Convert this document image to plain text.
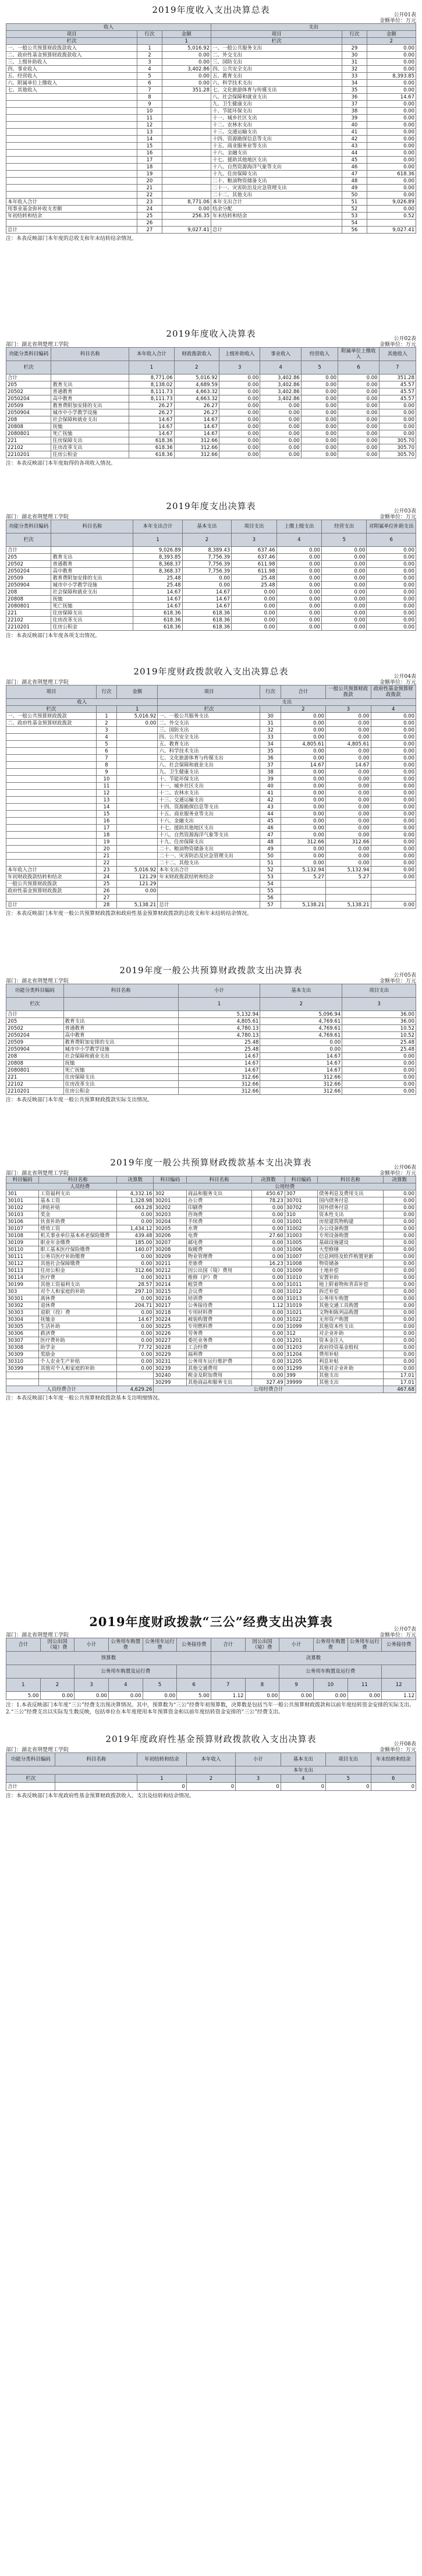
2019年度收入支出决算总表	公开01表
金额单位：万元
收入			支出		
项目	行次	金额	项目	行次	金额
栏次		1	栏次		2
一、一般公共预算财政拨款收入	1	5,016.92	一、一般公共服务支出	29	0.00
二、政府性基金预算财政拨款收入	2	0.00	二、外交支出	30	0.00
三、上级补助收入	3	0.00	三、国防支出	31	0.00
四、事业收入	4	3,402.86	四、公共安全支出	32	0.00
五、经营收入	5	0.00	五、教育支出	33	8,393.85
六、附属单位上缴收入	6	0.00	六、科学技术支出	34	0.00
七、其他收入	7	351.28	七、文化旅游体育与传媒支出	35	0.00
	8		八、社会保障和就业支出	36	14.67
	9		九、卫生健康支出	37	0.00
	10		十、节能环保支出	38	0.00
	11		十一、城乡社区支出	39	0.00
	12		十二、农林水支出	40	0.00
	13		十三、交通运输支出	41	0.00
	14		十四、资源勘探信息等支出	42	0.00
	15		十五、商业服务业等支出	43	0.00
	16		十六、金融支出	44	0.00
	17		十七、援助其他地区支出	45	0.00
	18		十八、自然资源海洋气象等支出	46	0.00
	19		十九、住房保障支出	47	618.36
	20		二十、粮油物资储备支出	48	0.00
	21		二十一、灾害防治及应急管理支出	49	0.00
	22		二十二、其他支出	50	0.00
本年收入合计	23	8,771.06	本年支出合计	51	9,026.89
用事业基金弥补收支差额	24	0.00	结余分配	52	0.00
年初结转和结余	25	256.35	年末结转和结余	53	0.52
	26			54	
总计	27	9,027.41	总计	56	9,027.41
注：本表反映部门本年度的总收支和年末结转结余情况。
2019年度收入决算表
部门：湖北省荆楚理工学院	金额单位：万元
公开02表
功能分类科目编码	科目名称	本年收入合计	财政拨款收入	上级补助收入	事业收入	经营收入	附属单位上缴收入	其他收入
栏次		1	2	3	4	5	6	7
合计		8,771.06	5,016.92	0.00	3,402.86	0.00	0.00	351.28
205	教育支出	8,138.02	4,689.59	0.00	3,402.86	0.00	0.00	45.57
20502	普通教育	8,111.73	4,663.32	0.00	3,402.86	0.00	0.00	45.57
2050204	高中教育	8,111.73	4,663.32	0.00	3,402.86	0.00	0.00	45.57
20509	教育费附加安排的支出	26.27	26.27	0.00	0.00	0.00	0.00	0.00
2050904	城市中小学教学设施	26.27	26.27	0.00	0.00	0.00	0.00	0.00
208	社会保障和就业支出	14.67	14.67	0.00	0.00	0.00	0.00	0.00
20808	抚恤	14.67	14.67	0.00	0.00	0.00	0.00	0.00
2080801	死亡抚恤	14.67	14.67	0.00	0.00	0.00	0.00	0.00
221	住房保障支出	618.36	312.66	0.00	0.00	0.00	0.00	305.70
22102	住房改革支出	618.36	312.66	0.00	0.00	0.00	0.00	305.70
2210201	住房公积金	618.36	312.66	0.00	0.00	0.00	0.00	305.70
注：本表反映部门本年度取得的各项收入情况。
2019年度支出决算表
部门：湖北省荆楚理工学院	金额单位：万元
公开03表
功能分类科目编码	科目名称	本年支出合计	基本支出	项目支出	上缴上级支出	经营支出	对附属单位补助支出
栏次		1	2	3	4	5	6
合计		9,026.89	8,389.43	637.46	0.00	0.00	0.00
205	教育支出	8,393.85	7,756.39	637.46	0.00	0.00	0.00
20502	普通教育	8,368.37	7,756.39	611.98	0.00	0.00	0.00
2050204	高中教育	8,368.37	7,756.39	611.98	0.00	0.00	0.00
20509	教育费附加安排的支出	25.48	0.00	25.48	0.00	0.00	0.00
2050904	城市中小学教学设施	25.48	0.00	25.48	0.00	0.00	0.00
208	社会保障和就业支出	14.67	14.67	0.00	0.00	0.00	0.00
20808	抚恤	14.67	14.67	0.00	0.00	0.00	0.00
2080801	死亡抚恤	14.67	14.67	0.00	0.00	0.00	0.00
221	住房保障支出	618.36	618.36	0.00	0.00	0.00	0.00
22102	住房改革支出	618.36	618.36	0.00	0.00	0.00	0.00
2210201	住房公积金	618.36	618.36	0.00	0.00	0.00	0.00
注：本表反映部门本年度各项支出情况。
2019年度财政拨款收入支出决算总表
部门：湖北省荆楚理工学院	金额单位：万元
公开04表
收入			支出				
项目	行次	金额	项目	行次	合计	一般公共预算财政拨款	政府性基金预算财政拨款
栏次		1	栏次		2	3	4
一、一般公共预算财政拨款	1	5,016.92	一、一般公共服务支出	30	0.00	0.00	0.00
二、政府性基金预算财政拨款	2	0.00	二、外交支出	31	0.00	0.00	0.00
	3		三、国防支出	32	0.00	0.00	0.00
	4		四、公共安全支出	33	0.00	0.00	0.00
	5		五、教育支出	34	4,805.61	4,805.61	0.00
	6		六、科学技术支出	35	0.00	0.00	0.00
	7		七、文化旅游体育与传媒支出	36	0.00	0.00	0.00
	8		八、社会保障和就业支出	37	14.67	14.67	0.00
	9		九、卫生健康支出	38	0.00	0.00	0.00
	10		十、节能环保支出	39	0.00	0.00	0.00
	11		十一、城乡社区支出	40	0.00	0.00	0.00
	12		十二、农林水支出	41	0.00	0.00	0.00
	13		十三、交通运输支出	42	0.00	0.00	0.00
	14		十四、资源勘探信息等支出	43	0.00	0.00	0.00
	15		十五、商业服务业等支出	44	0.00	0.00	0.00
	16		十六、金融支出	45	0.00	0.00	0.00
	17		十七、援助其他地区支出	46	0.00	0.00	0.00
	18		十八、自然资源海洋气象等支出	47	0.00	0.00	0.00
	19		十九、住房保障支出	48	312.66	312.66	0.00
	20		二十、粮油物资储备支出	49	0.00	0.00	0.00
	21		二十一、灾害防治及应急管理支出	50	0.00	0.00	0.00
	22		二十二、其他支出	51	0.00	0.00	0.00
本年收入合计	23	5,016.92	本年支出合计	52	5,132.94	5,132.94	0.00
年初财政拨款结转和结余	24	121.29	年末财政拨款结转和结余	53	5.27	5.27	0.00
一般公共预算财政拨款	25	121.29		54			
政府性基金预算财政拨款	26	0.00		55			
	27			56			
总计	28	5,138.21	总计	57	5,138.21	5,138.21	0.00
注：本表反映部门本年度一般公共预算财政拨款和政府性基金预算财政拨款的总收支和年末结转结余情况。
2019年度一般公共预算财政拨款支出决算表
部门：湖北省荆楚理工学院	金额单位：万元
公开05表
功能分类科目编码	科目名称	小计	基本支出	项目支出
栏次		1	2	3
合计		5,132.94	5,096.94	36.00
205	教育支出	4,805.61	4,769.61	36.00
20502	普通教育	4,780.13	4,769.61	10.52
2050204	高中教育	4,780.13	4,769.61	10.52
20509	教育费附加安排的支出	25.48	0.00	25.48
2050904	城市中小学教学设施	25.48	0.00	25.48
208	社会保障和就业支出	14.67	14.67	0.00
20808	抚恤	14.67	14.67	0.00
2080801	死亡抚恤	14.67	14.67	0.00
221	住房保障支出	312.66	312.66	0.00
22102	住房改革支出	312.66	312.66	0.00
2210201	住房公积金	312.66	312.66	0.00
注：本表反映部门本年度一般公共预算财政拨款实际支出情况。
2019年度一般公共预算财政拨款基本支出决算表
部门：湖北省荆楚理工学院	金额单位：万元
公开06表
人员经费			公用经费					
科目编码	科目名称	决算数	科目编码	科目名称	决算数	科目编码	科目名称	决算数
301	工资福利支出	4,332.16	302	商品和服务支出	450.67	307	债务利息及费用支出	0.00
30101	基本工资	1,328.98	30201	办公费	78.23	30701	国内债务付息	0.00
30102	津贴补贴	663.28	30202	印刷费	0.00	30702	国外债务付息	0.00
30103	奖金	0.00	30203	咨询费	0.00	310	资本性支出	0.00
30106	伙食补助费	0.00	30204	手续费	0.00	31001	房屋建筑物购建	0.00
30107	绩效工资	1,434.12	30205	水费	0.00	31002	办公设备购置	0.00
30108	机关事业单位基本养老保险缴费	439.48	30206	电费	27.60	31003	专用设备购置	0.00
30109	职业年金缴费	185.00	30207	邮电费	0.00	31005	基础设施建设	0.00
30110	职工基本医疗保险缴费	140.07	30208	取暖费	0.00	31006	大型修缮	0.00
30111	公务员医疗补助缴费	0.00	30209	物业管理费	0.00	31007	信息网络及软件购置更新	0.00
30112	其他社会保障缴费	0.00	30211	差旅费	16.23	31008	物资储备	0.00
30113	住房公积金	312.66	30212	因公出国（境）费用	0.00	31009	土地补偿	0.00
30114	医疗费	0.00	30213	维修（护）费	0.00	31010	安置补助	0.00
30199	其他工资福利支出	28.57	30214	租赁费	0.00	31011	地上附着物和青苗补偿	0.00
303	对个人和家庭的补助	297.10	30215	会议费	0.00	31012	拆迁补偿	0.00
30301	离休费	0.00	30216	培训费	0.00	31013	公务用车购置	0.00
30302	退休费	204.71	30217	公务接待费	1.12	31019	其他交通工具购置	0.00
30303	退职（役）费	0.00	30218	专用材料费	0.00	31021	文物和陈列品购置	0.00
30304	抚恤金	14.67	30224	被装购置费	0.00	31022	无形资产购置	0.00
30305	生活补助	0.00	30225	专用燃料费	0.00	31099	其他资本性支出	0.00
30306	救济费	0.00	30226	劳务费	0.00	312	对企业补助	0.00
30307	医疗费补助	0.00	30227	委托业务费	0.00	31201	资本金注入	0.00
30308	助学金	77.72	30228	工会经费	0.00	31203	政府投资基金股权	0.00
30309	奖励金	0.00	30229	福利费	0.00	31204	费用补贴	0.00
30310	个人农业生产补贴	0.00	30231	公务用车运行维护费	0.00	31205	利息补贴	0.00
30399	其他对个人和家庭的补助	0.00	30239	其他交通费用	0.00	31299	其他对企业补助	0.00
			30240	税金及附加费用	0.00	399	其他支出	17.01
			30299	其他商品和服务支出	327.49	39999	其他支出	17.01
人员经费合计		4,629.26	公用经费合计					467.68
注：本表反映部门本年度一般公共预算财政拨款基本支出明细情况。
2019年度财政拨款“三公”经费支出决算表
部门：湖北省荆楚理工学院	金额单位：万元
公开07表
预算数						决算数					
		公务用车购置及运行费						公务用车购置及运行费			
合计	因公出国（境）费	小计	公务用车购置费	公务用车运行费	公务接待费	合计	因公出国（境）费	小计	公务用车购置费	公务用车运行费	公务接待费
1	2	3	4	5	6	7	8	9	10	11	12
5.00	0.00	0.00	0.00	0.00	5.00	1.12	0.00	0.00	0.00	0.00	1.12
注：1.本表反映部门本年度“三公”经费支出预决算情况。其中，预算数为“三公”经费年初预算数，决算数是包括当年一般公共预算财政拨款和以前年度结转资金安排的实际支出。2.“三公”经费支出以实际发生数反映，包括单位在本年度使用本年预算资金和以前年度结转资金安排的“三公”经费支出。
2019年度政府性基金预算财政拨款收入支出决算表
部门：湖北省荆楚理工学院	金额单位：万元
公开08表
				本年支出			
功能分类科目编码	科目名称	年初结转和结余	本年收入	小计	基本支出	项目支出	年末结转和结余
栏次		1	2	3	4	5	6
合计		0	0	0	0	0	0
注：本表反映部门本年度政府性基金预算财政拨款收入、支出及结转和结余情况。
